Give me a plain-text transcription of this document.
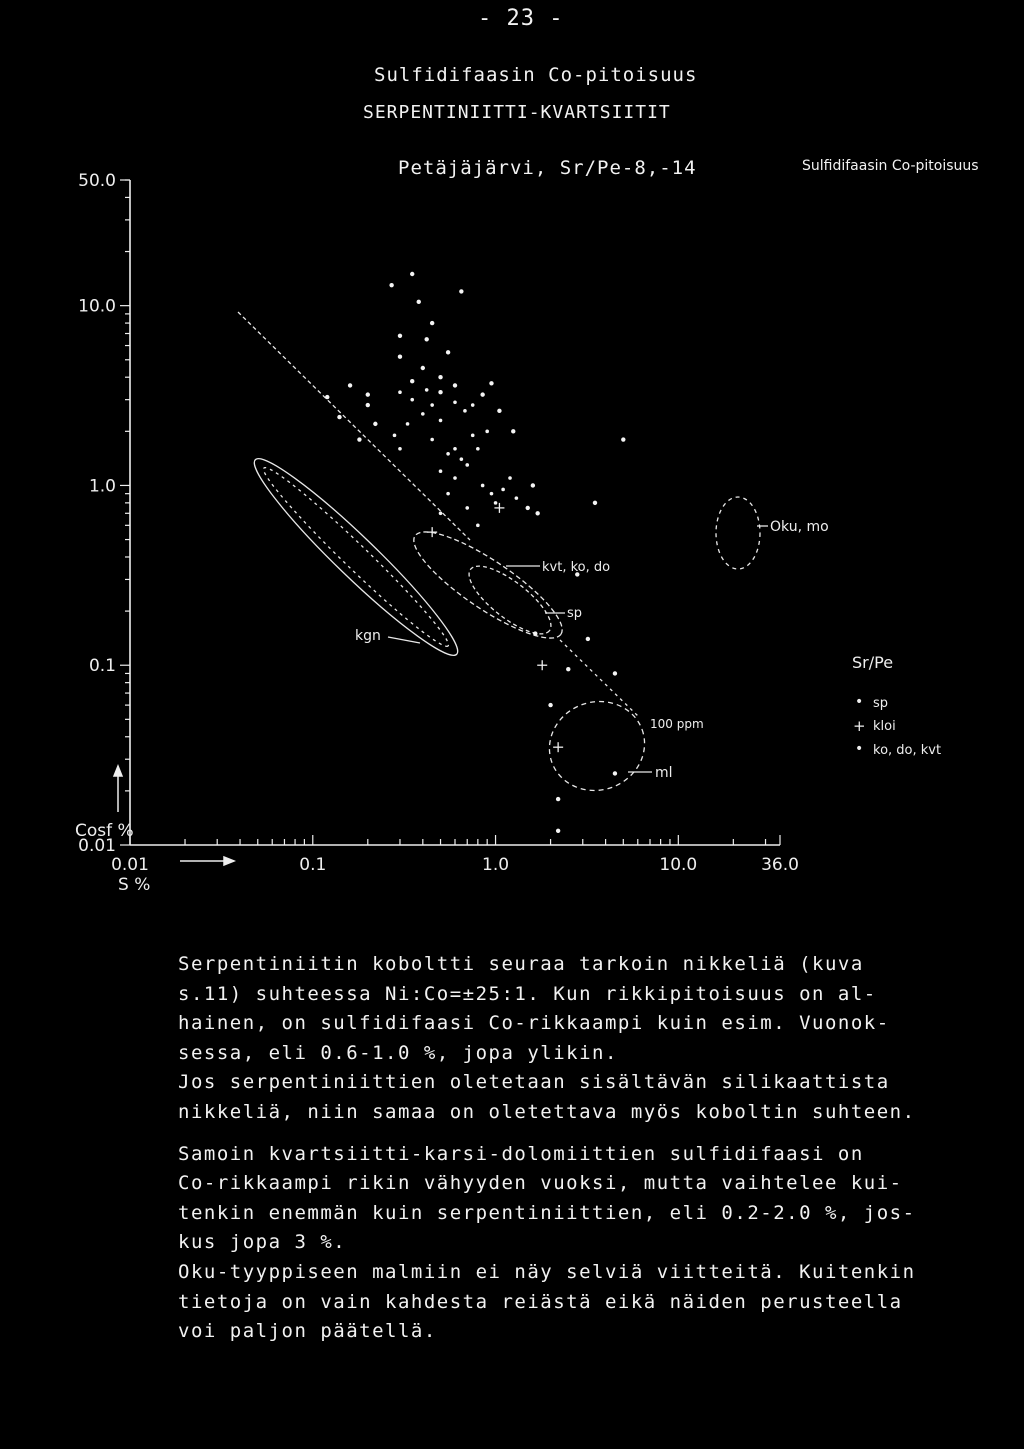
- 23 -
Sulfidifaasin Co-pitoisuus
SERPENTINIITTI-KVARTSIITIT
Petäjäjärvi, Sr/Pe-8,-14	Sulfidifaasin Co-pitoisuus
0.01	0.1	1.0	10.0	36.0
50.0
10.0
1.0
0.1
0.01
kgn
kvt, ko, do
sp
Oku, mo
100 ppm
ml
Sr/Pe
• sp
+ kloi
• ko, do, kvt
Cosf %
S %

Serpentiniitin koboltti seuraa tarkoin nikkeliä (kuva

s.11) suhteessa Ni:Co=±25:1. Kun rikkipitoisuus on al-

hainen, on sulfidifaasi Co-rikkaampi kuin esim. Vuonok-

sessa, eli 0.6-1.0 %, jopa ylikin.

Jos serpentiniittien oletetaan sisältävän silikaattista

nikkeliä, niin samaa on oletettava myös koboltin suhteen.

Samoin kvartsiitti-karsi-dolomiittien sulfidifaasi on

Co-rikkaampi rikin vähyyden vuoksi, mutta vaihtelee kui-

tenkin enemmän kuin serpentiniittien, eli 0.2-2.0 %, jos-

kus jopa 3 %.

Oku-tyyppiseen malmiin ei näy selviä viitteitä. Kuitenkin

tietoja on vain kahdesta reiästä eikä näiden perusteella

voi paljon päätellä.
